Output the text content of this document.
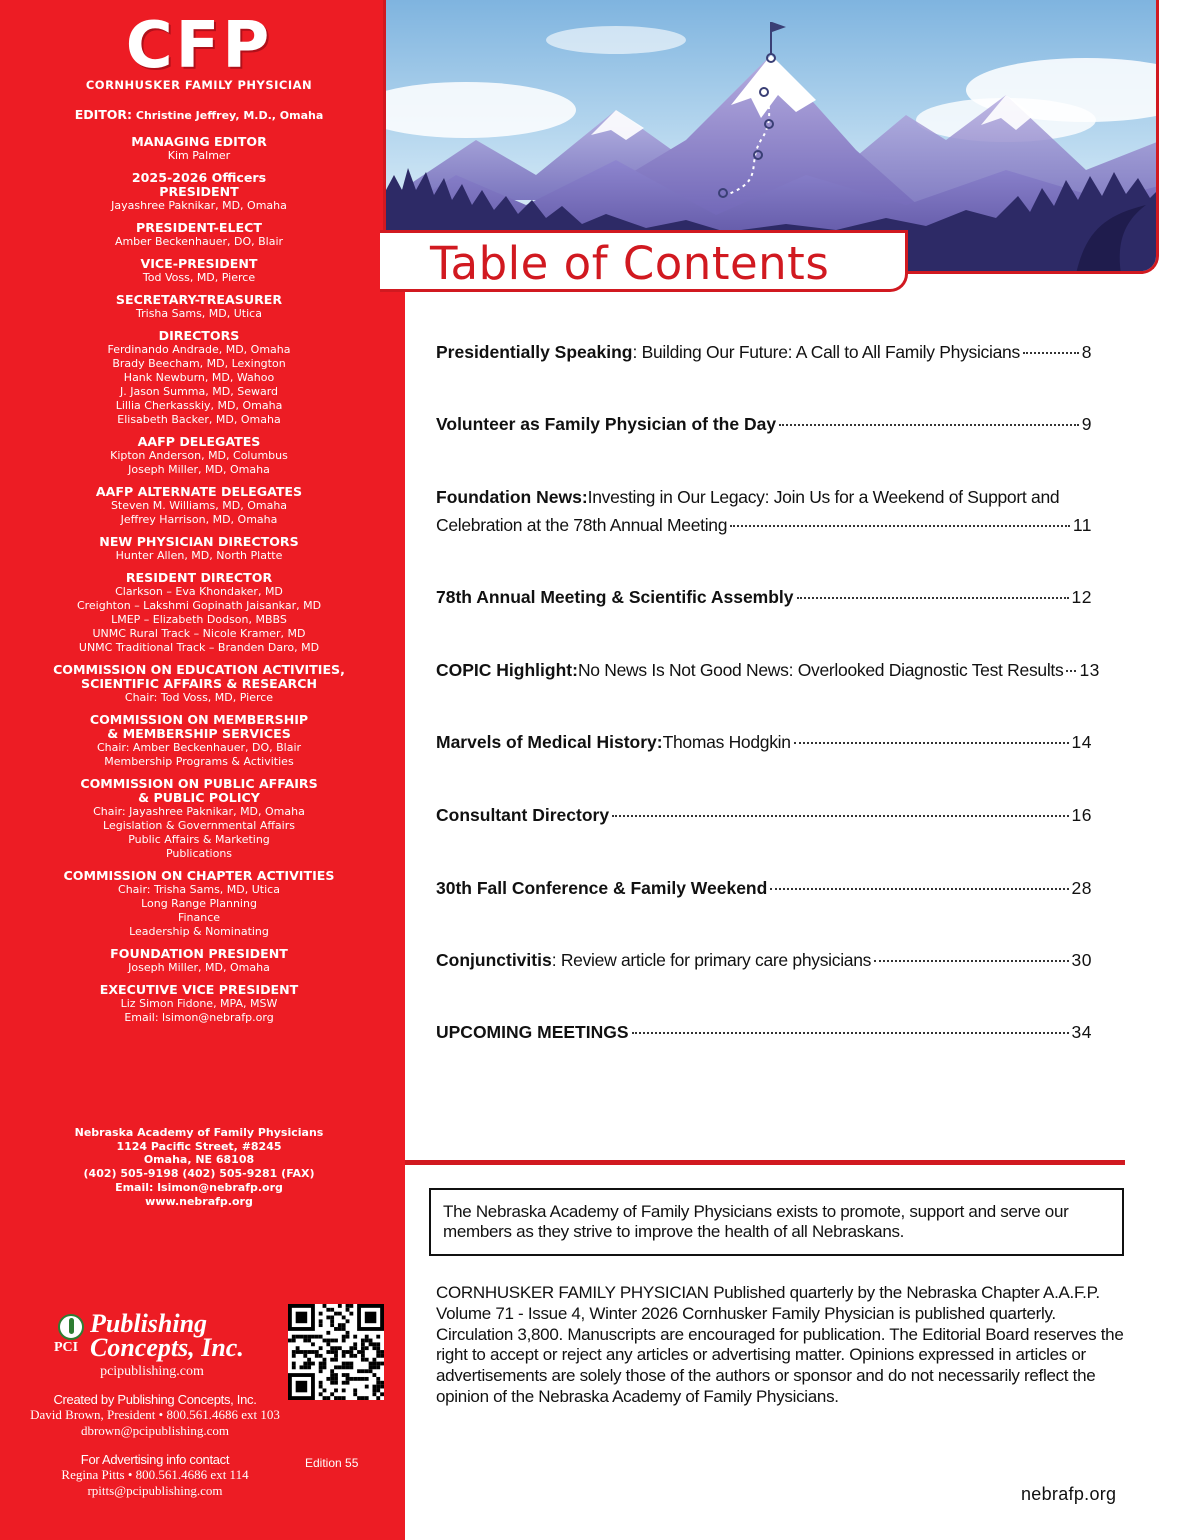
CFP
CORNHUSKER FAMILY PHYSICIAN
EDITOR: Christine Jeffrey, M.D., Omaha
MANAGING EDITOR
Kim Palmer
2025-2026 Officers
PRESIDENT
Jayashree Paknikar, MD, Omaha
PRESIDENT-ELECT
Amber Beckenhauer, DO, Blair
VICE-PRESIDENT
Tod Voss, MD, Pierce
SECRETARY-TREASURER
Trisha Sams, MD, Utica
DIRECTORS
Ferdinando Andrade, MD, Omaha
Brady Beecham, MD, Lexington
Hank Newburn, MD, Wahoo
J. Jason Summa, MD, Seward
Lillia Cherkasskiy, MD, Omaha
Elisabeth Backer, MD, Omaha
AAFP DELEGATES
Kipton Anderson, MD, Columbus
Joseph Miller, MD, Omaha
AAFP ALTERNATE DELEGATES
Steven M. Williams, MD, Omaha
Jeffrey Harrison, MD, Omaha
NEW PHYSICIAN DIRECTORS
Hunter Allen, MD, North Platte
RESIDENT DIRECTOR
Clarkson – Eva Khondaker, MD
Creighton – Lakshmi Gopinath Jaisankar, MD
LMEP – Elizabeth Dodson, MBBS
UNMC Rural Track – Nicole Kramer, MD
UNMC Traditional Track – Branden Daro, MD
COMMISSION ON EDUCATION ACTIVITIES,
SCIENTIFIC AFFAIRS & RESEARCH
Chair: Tod Voss, MD, Pierce
COMMISSION ON MEMBERSHIP
& MEMBERSHIP SERVICES
Chair: Amber Beckenhauer, DO, Blair
Membership Programs & Activities
COMMISSION ON PUBLIC AFFAIRS
& PUBLIC POLICY
Chair: Jayashree Paknikar, MD, Omaha
Legislation & Governmental Affairs
Public Affairs & Marketing
Publications
COMMISSION ON CHAPTER ACTIVITIES
Chair: Trisha Sams, MD, Utica
Long Range Planning
Finance
Leadership & Nominating
FOUNDATION PRESIDENT
Joseph Miller, MD, Omaha
EXECUTIVE VICE PRESIDENT
Liz Simon Fidone, MPA, MSW
Email: lsimon@nebrafp.org
Nebraska Academy of Family Physicians
1124 Pacific Street, #8245
Omaha, NE 68108
(402) 505-9198 (402) 505-9281 (FAX)
Email: lsimon@nebrafp.org
www.nebrafp.org
PCI
Publishing
Concepts, Inc.
pcipublishing.com
Created by Publishing Concepts, Inc.
David Brown, President • 800.561.4686 ext 103
dbrown@pcipublishing.com
For Advertising info contact
Regina Pitts • 800.561.4686 ext 114
rpitts@pcipublishing.com
Edition 55
Table of Contents
Presidentially Speaking : Building Our Future: A Call to All Family Physicians	8
Volunteer as Family Physician of the Day	9
Foundation News: Investing in Our Legacy: Join Us for a Weekend of Support and
Celebration at the 78th Annual Meeting	11
78th Annual Meeting & Scientific Assembly	12
COPIC Highlight: No News Is Not Good News: Overlooked Diagnostic Test Results 13
Marvels of Medical History: Thomas Hodgkin	14
Consultant Directory	16
30th Fall Conference & Family Weekend	28
Conjunctivitis : Review article for primary care physicians	30
UPCOMING MEETINGS	34
The Nebraska Academy of Family Physicians exists to promote, support and serve our members as they strive to improve the health of all Nebraskans.
CORNHUSKER FAMILY PHYSICIAN Published quarterly by the Nebraska Chapter A.A.F.P. Volume 71 - Issue 4, Winter 2026 Cornhusker Family Physician is published quarterly. Circulation 3,800. Manuscripts are encouraged for publication. The Editorial Board reserves the right to accept or reject any articles or advertising matter. Opinions expressed in articles or advertisements are solely those of the authors or sponsor and do not necessarily reflect the opinion of the Nebraska Academy of Family Physicians.
nebrafp.org
